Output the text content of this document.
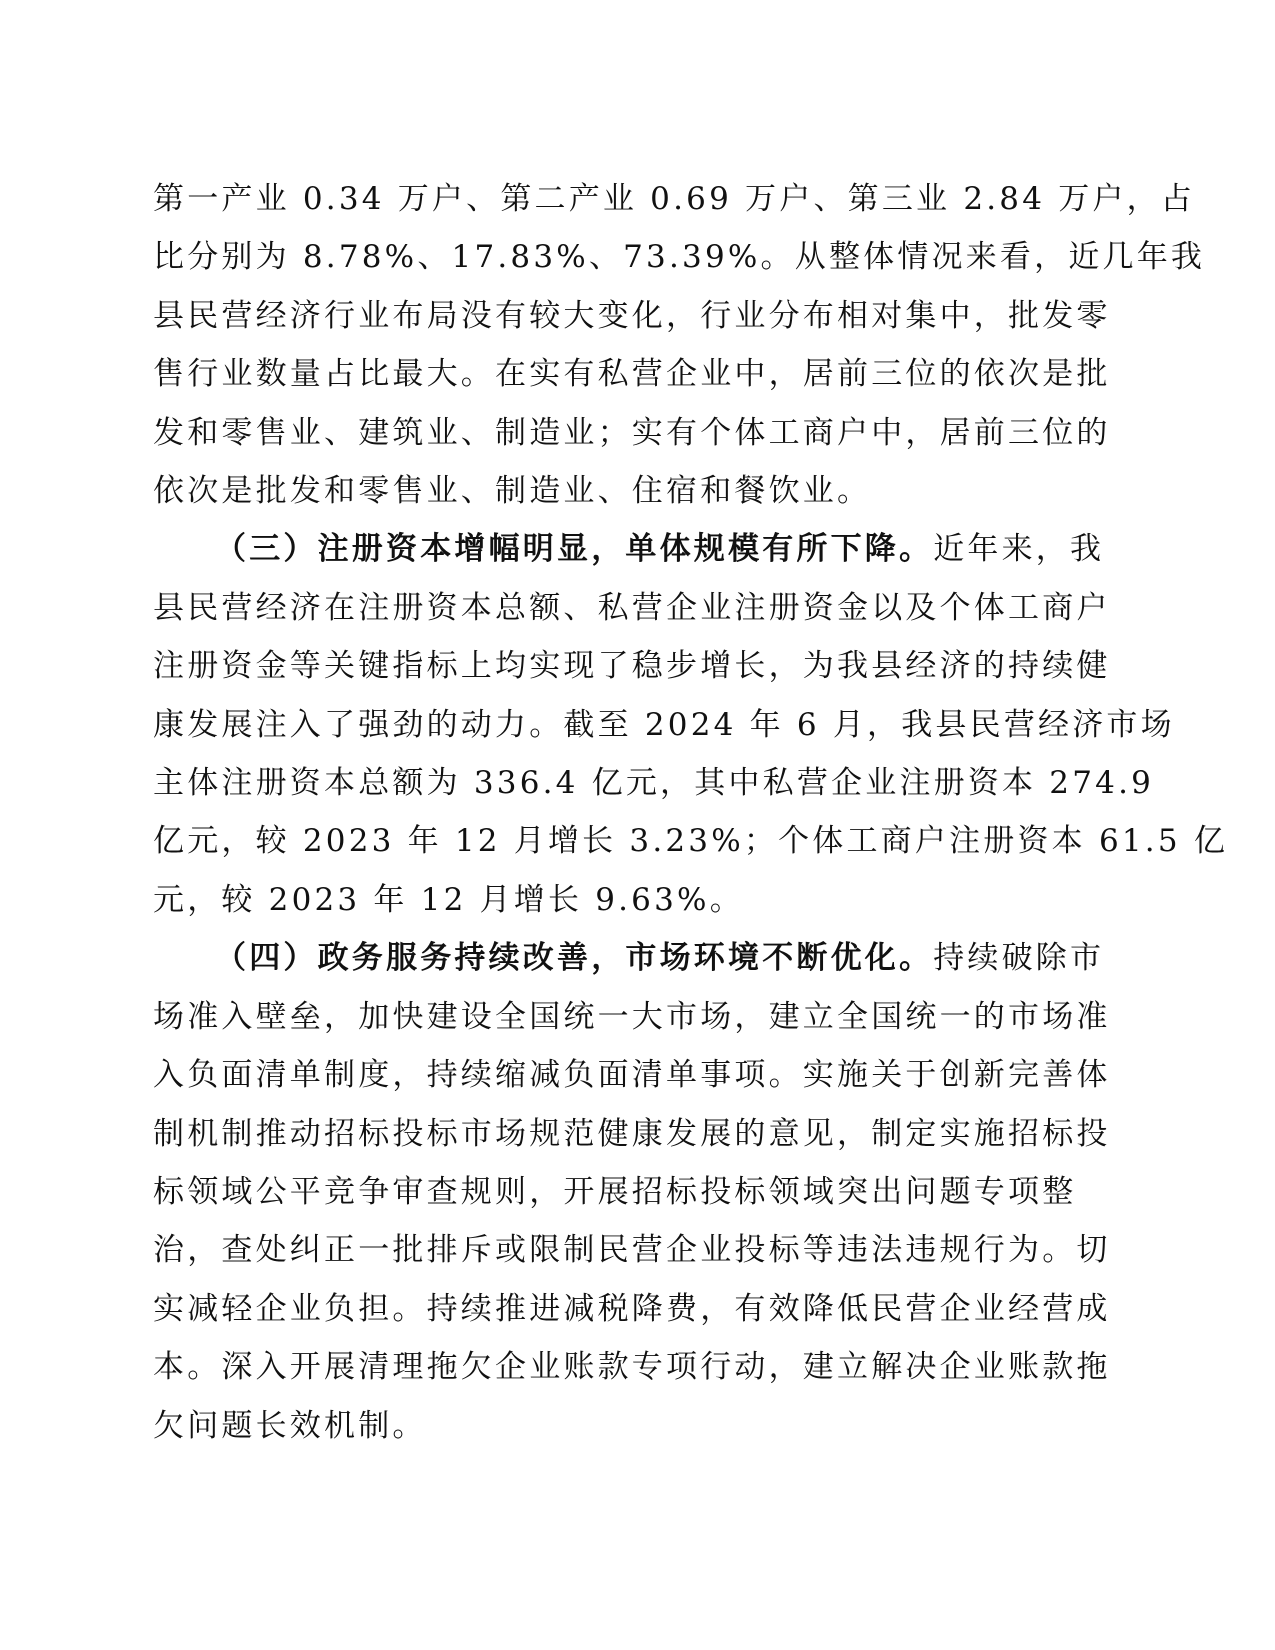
第一产业 0.34 万户、第二产业 0.69 万户、第三业 2.84 万户，占
比分别为 8.78%、17.83%、73.39%。从整体情况来看，近几年我
县民营经济行业布局没有较大变化，行业分布相对集中，批发零
售行业数量占比最大。在实有私营企业中，居前三位的依次是批
发和零售业、建筑业、制造业；实有个体工商户中，居前三位的
依次是批发和零售业、制造业、住宿和餐饮业。
（三）注册资本增幅明显，单体规模有所下降。近年来，我
县民营经济在注册资本总额、私营企业注册资金以及个体工商户
注册资金等关键指标上均实现了稳步增长，为我县经济的持续健
康发展注入了强劲的动力。截至 2024 年 6 月，我县民营经济市场
主体注册资本总额为 336.4 亿元，其中私营企业注册资本 274.9
亿元，较 2023 年 12 月增长 3.23%；个体工商户注册资本 61.5 亿
元，较 2023 年 12 月增长 9.63%。
（四）政务服务持续改善，市场环境不断优化。持续破除市
场准入壁垒，加快建设全国统一大市场，建立全国统一的市场准
入负面清单制度，持续缩减负面清单事项。实施关于创新完善体
制机制推动招标投标市场规范健康发展的意见，制定实施招标投
标领域公平竞争审查规则，开展招标投标领域突出问题专项整
治，查处纠正一批排斥或限制民营企业投标等违法违规行为。切
实减轻企业负担。持续推进减税降费，有效降低民营企业经营成
本。深入开展清理拖欠企业账款专项行动，建立解决企业账款拖
欠问题长效机制。
